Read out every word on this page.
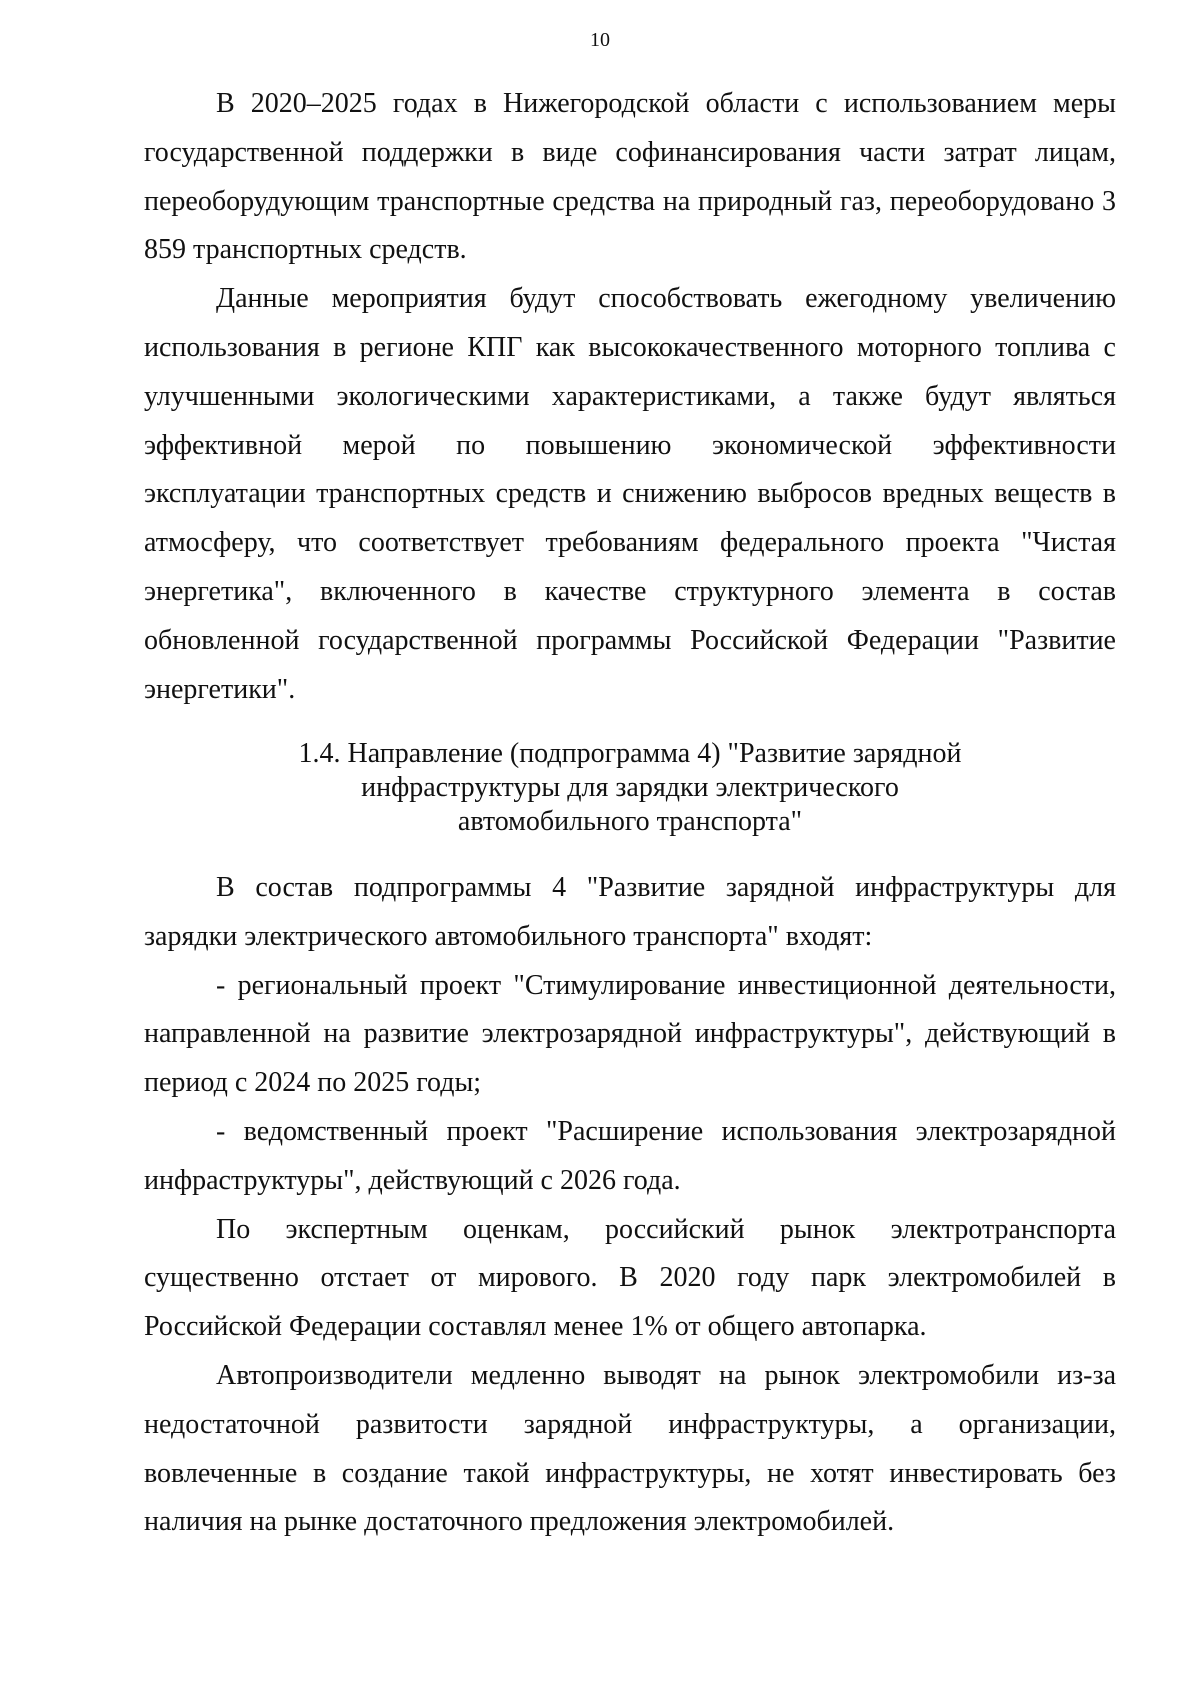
10

В 2020–2025 годах в Нижегородской области с использованием меры государственной поддержки в виде софинансирования части затрат лицам, переоборудующим транспортные средства на природный газ, переоборудовано 3 859 транспортных средств.

Данные мероприятия будут способствовать ежегодному увеличению использования в регионе КПГ как высококачественного моторного топлива с улучшенными экологическими характеристиками, а также будут являться эффективной мерой по повышению экономической эффективности эксплуатации транспортных средств и снижению выбросов вредных веществ в атмосферу, что соответствует требованиям федерального проекта "Чистая энергетика", включенного в качестве структурного элемента в состав обновленной государственной программы Российской Федерации "Развитие энергетики".

1.4. Направление (подпрограмма 4) "Развитие зарядной инфраструктуры для зарядки электрического автомобильного транспорта"

В состав подпрограммы 4 "Развитие зарядной инфраструктуры для зарядки электрического автомобильного транспорта" входят:

- региональный проект "Стимулирование инвестиционной деятельности, направленной на развитие электрозарядной инфраструктуры", действующий в период с 2024 по 2025 годы;

- ведомственный проект "Расширение использования электрозарядной инфраструктуры", действующий с 2026 года.

По экспертным оценкам, российский рынок электротранспорта существенно отстает от мирового. В 2020 году парк электромобилей в Российской Федерации составлял менее 1% от общего автопарка.

Автопроизводители медленно выводят на рынок электромобили из-за недостаточной развитости зарядной инфраструктуры, а организации, вовлеченные в создание такой инфраструктуры, не хотят инвестировать без наличия на рынке достаточного предложения электромобилей.
